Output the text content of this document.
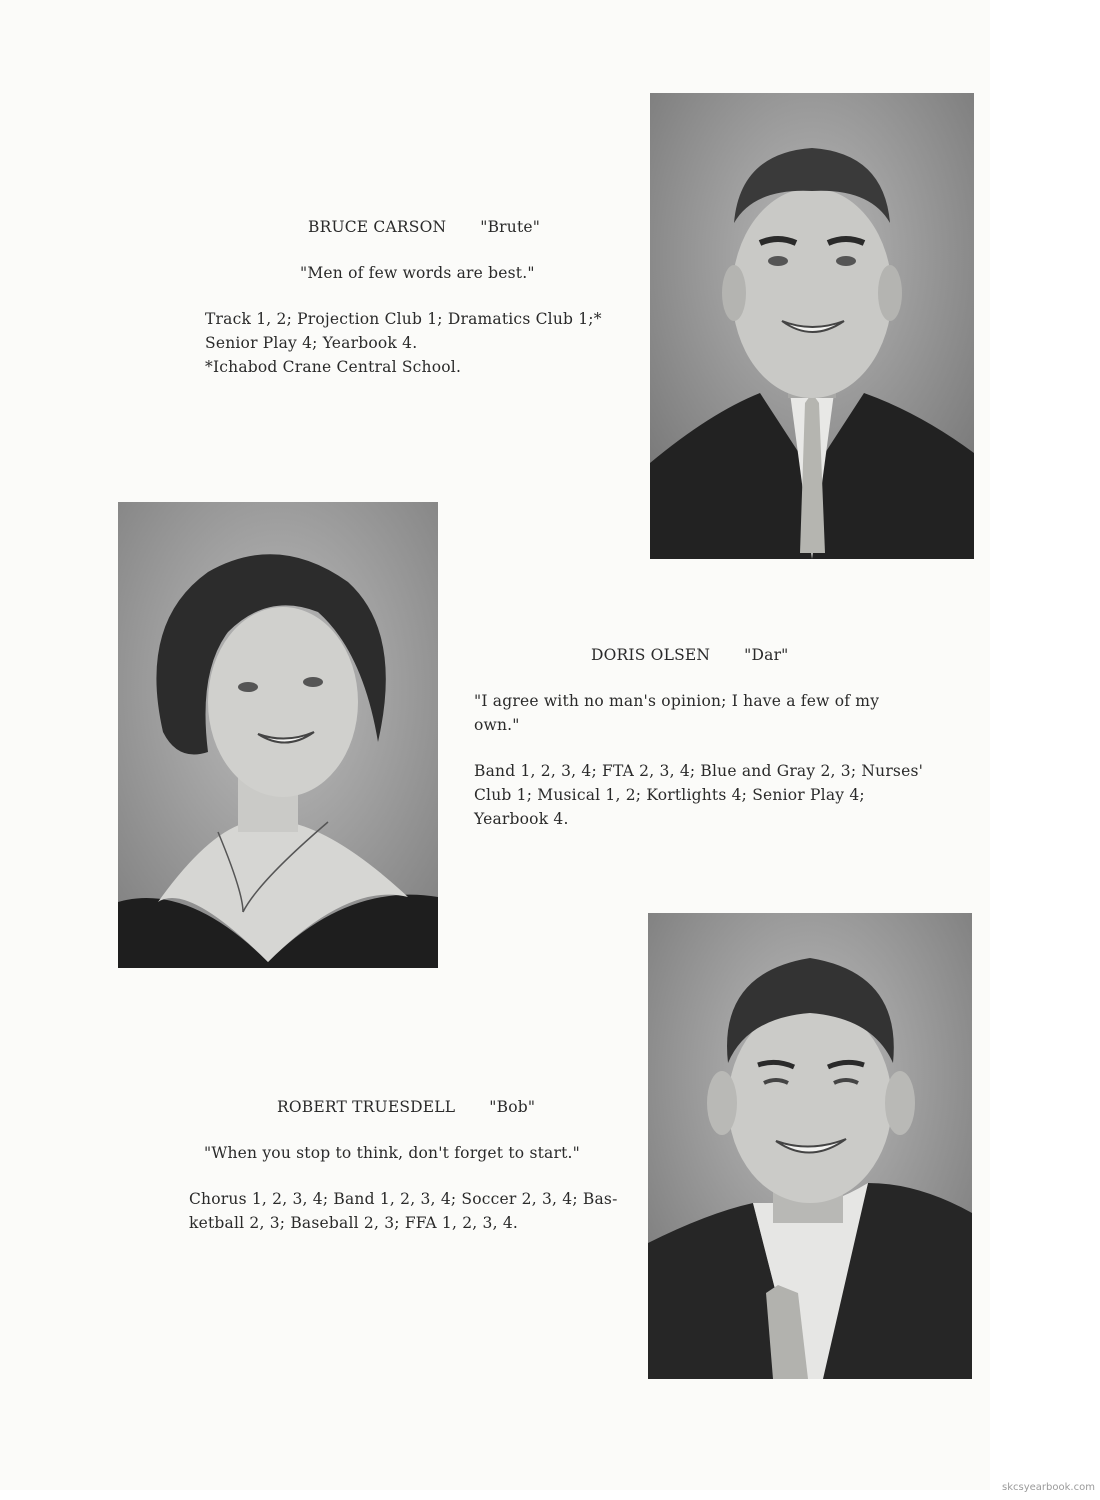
BRUCE CARSON "Brute"
"Men of few words are best."
Track 1, 2; Projection Club 1; Dramatics Club 1;*
Senior Play 4; Yearbook 4.
*Ichabod Crane Central School.
DORIS OLSEN "Dar"
"I agree with no man's opinion; I have a few of my
own."
Band 1, 2, 3, 4; FTA 2, 3, 4; Blue and Gray 2, 3; Nurses'
Club 1; Musical 1, 2; Kortlights 4; Senior Play 4;
Yearbook 4.
ROBERT TRUESDELL "Bob"
"When you stop to think, don't forget to start."
Chorus 1, 2, 3, 4; Band 1, 2, 3, 4; Soccer 2, 3, 4; Bas-
ketball 2, 3; Baseball 2, 3; FFA 1, 2, 3, 4.
skcsyearbook.com
